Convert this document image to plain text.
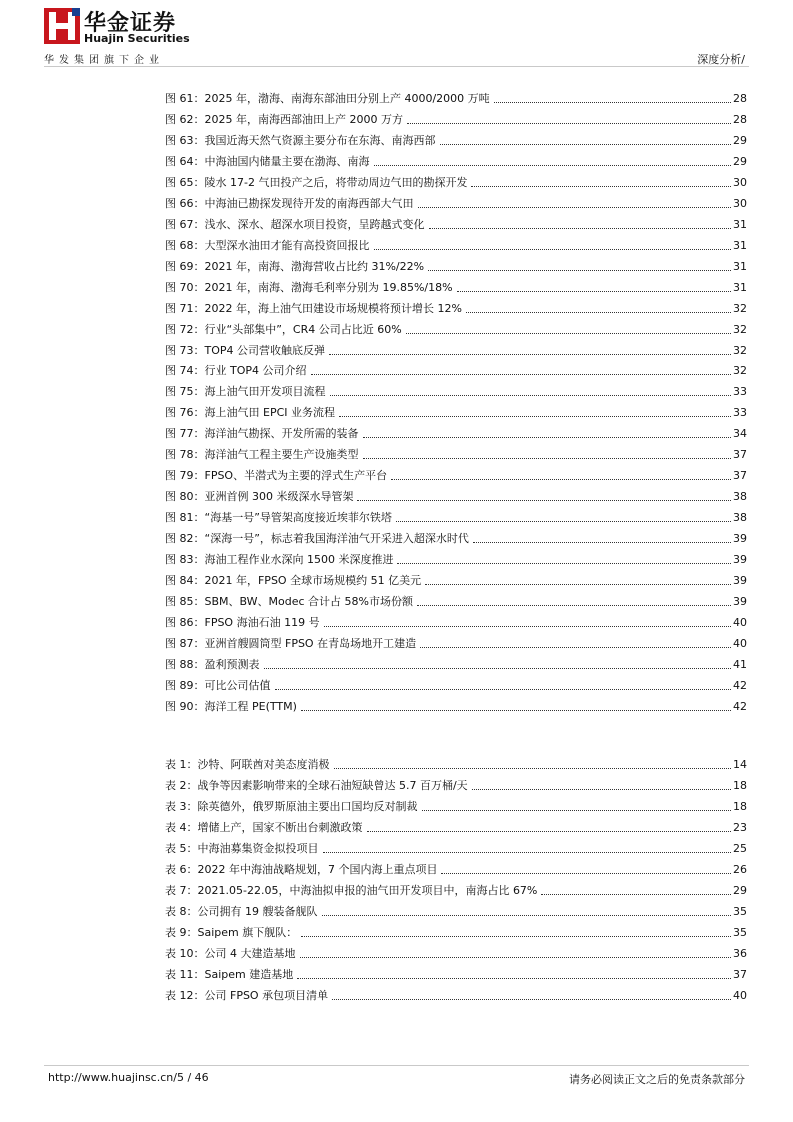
华金证券
Huajin Securities
华发集团旗下企业	深度分析/
图 61：2025 年，渤海、南海东部油田分别上产 4000/2000 万吨	28
图 62：2025 年，南海西部油田上产 2000 万方	28
图 63：我国近海天然气资源主要分布在东海、南海西部	29
图 64：中海油国内储量主要在渤海、南海	29
图 65：陵水 17-2 气田投产之后，将带动周边气田的勘探开发	30
图 66：中海油已勘探发现待开发的南海西部大气田	30
图 67：浅水、深水、超深水项目投资，呈跨越式变化	31
图 68：大型深水油田才能有高投资回报比	31
图 69：2021 年，南海、渤海营收占比约 31%/22%	31
图 70：2021 年，南海、渤海毛利率分别为 19.85%/18%	31
图 71：2022 年，海上油气田建设市场规模将预计增长 12%	32
图 72：行业“头部集中”，CR4 公司占比近 60%	32
图 73：TOP4 公司营收触底反弹	32
图 74：行业 TOP4 公司介绍	32
图 75：海上油气田开发项目流程	33
图 76：海上油气田 EPCI 业务流程	33
图 77：海洋油气勘探、开发所需的装备	34
图 78：海洋油气工程主要生产设施类型	37
图 79：FPSO、半潜式为主要的浮式生产平台	37
图 80：亚洲首例 300 米级深水导管架	38
图 81：“海基一号”导管架高度接近埃菲尔铁塔	38
图 82：“深海一号”，标志着我国海洋油气开采进入超深水时代	39
图 83：海油工程作业水深向 1500 米深度推进	39
图 84：2021 年，FPSO 全球市场规模约 51 亿美元	39
图 85：SBM、BW、Modec 合计占 58%市场份额	39
图 86：FPSO 海油石油 119 号	40
图 87：亚洲首艘圆筒型 FPSO 在青岛场地开工建造	40
图 88：盈利预测表	41
图 89：可比公司估值	42
图 90：海洋工程 PE(TTM)	42
表 1：沙特、阿联酋对美态度消极	14
表 2：战争等因素影响带来的全球石油短缺曾达 5.7 百万桶/天	18
表 3：除英德外，俄罗斯原油主要出口国均反对制裁	18
表 4：增储上产，国家不断出台刺激政策	23
表 5：中海油募集资金拟投项目	25
表 6：2022 年中海油战略规划，7 个国内海上重点项目	26
表 7：2021.05-22.05，中海油拟申报的油气田开发项目中，南海占比 67%	29
表 8：公司拥有 19 艘装备舰队	35
表 9：Saipem 旗下舰队：	35
表 10：公司 4 大建造基地	36
表 11：Saipem 建造基地	37
表 12：公司 FPSO 承包项目清单	40
http://www.huajinsc.cn/5 / 46	请务必阅读正文之后的免责条款部分
